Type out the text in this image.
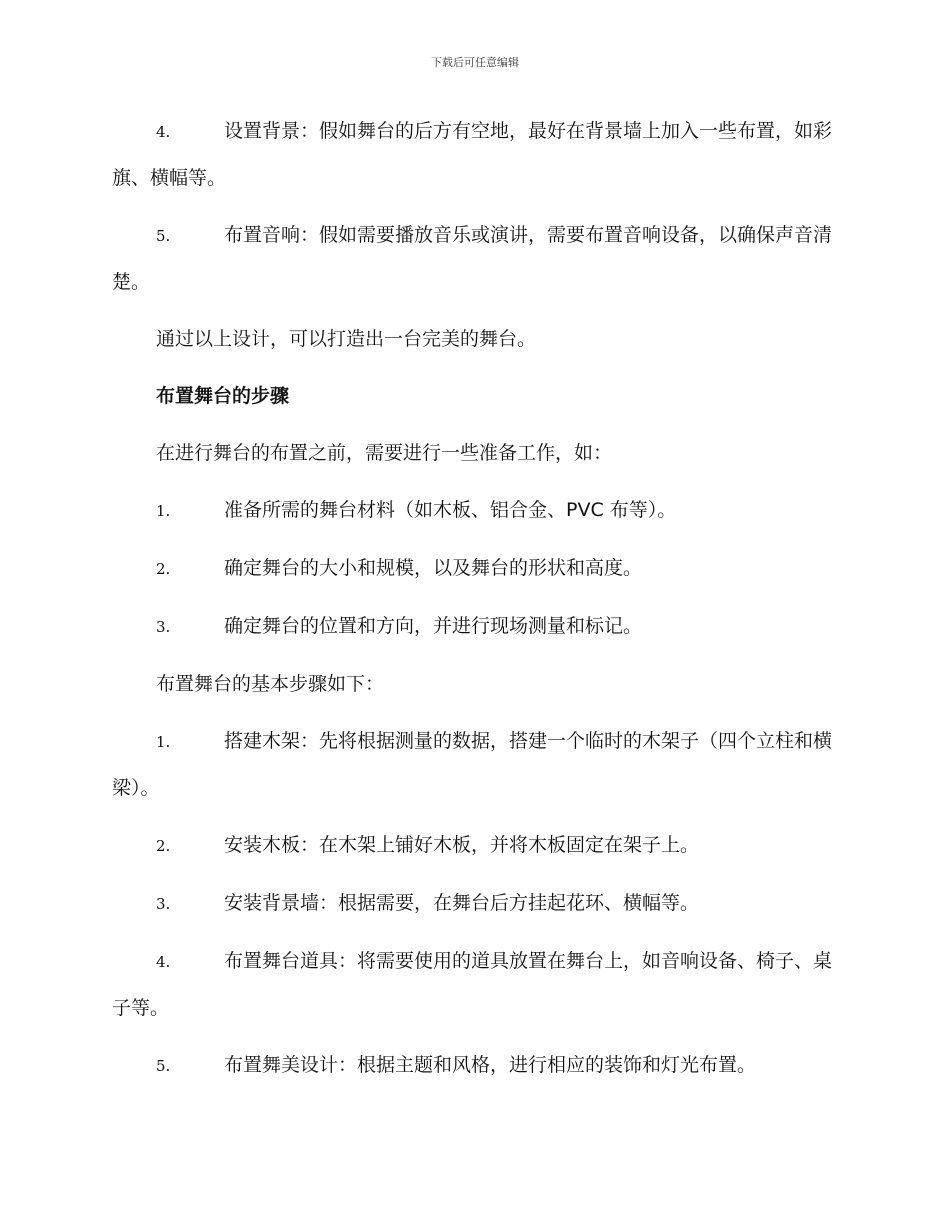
下载后可任意编辑

4.	设置背景：假如舞台的后方有空地，最好在背景墙上加入一些布置，如彩旗、横幅等。

5.	布置音响：假如需要播放音乐或演讲，需要布置音响设备，以确保声音清楚。

通过以上设计，可以打造出一台完美的舞台。

布置舞台的步骤

在进行舞台的布置之前，需要进行一些准备工作，如：

1.	准备所需的舞台材料（如木板、铝合金、PVC 布等）。

2.	确定舞台的大小和规模，以及舞台的形状和高度。

3.	确定舞台的位置和方向，并进行现场测量和标记。

布置舞台的基本步骤如下：

1.	搭建木架：先将根据测量的数据，搭建一个临时的木架子（四个立柱和横梁）。

2.	安装木板：在木架上铺好木板，并将木板固定在架子上。

3.	安装背景墙：根据需要，在舞台后方挂起花环、横幅等。

4.	布置舞台道具：将需要使用的道具放置在舞台上，如音响设备、椅子、桌子等。

5.	布置舞美设计：根据主题和风格，进行相应的装饰和灯光布置。
